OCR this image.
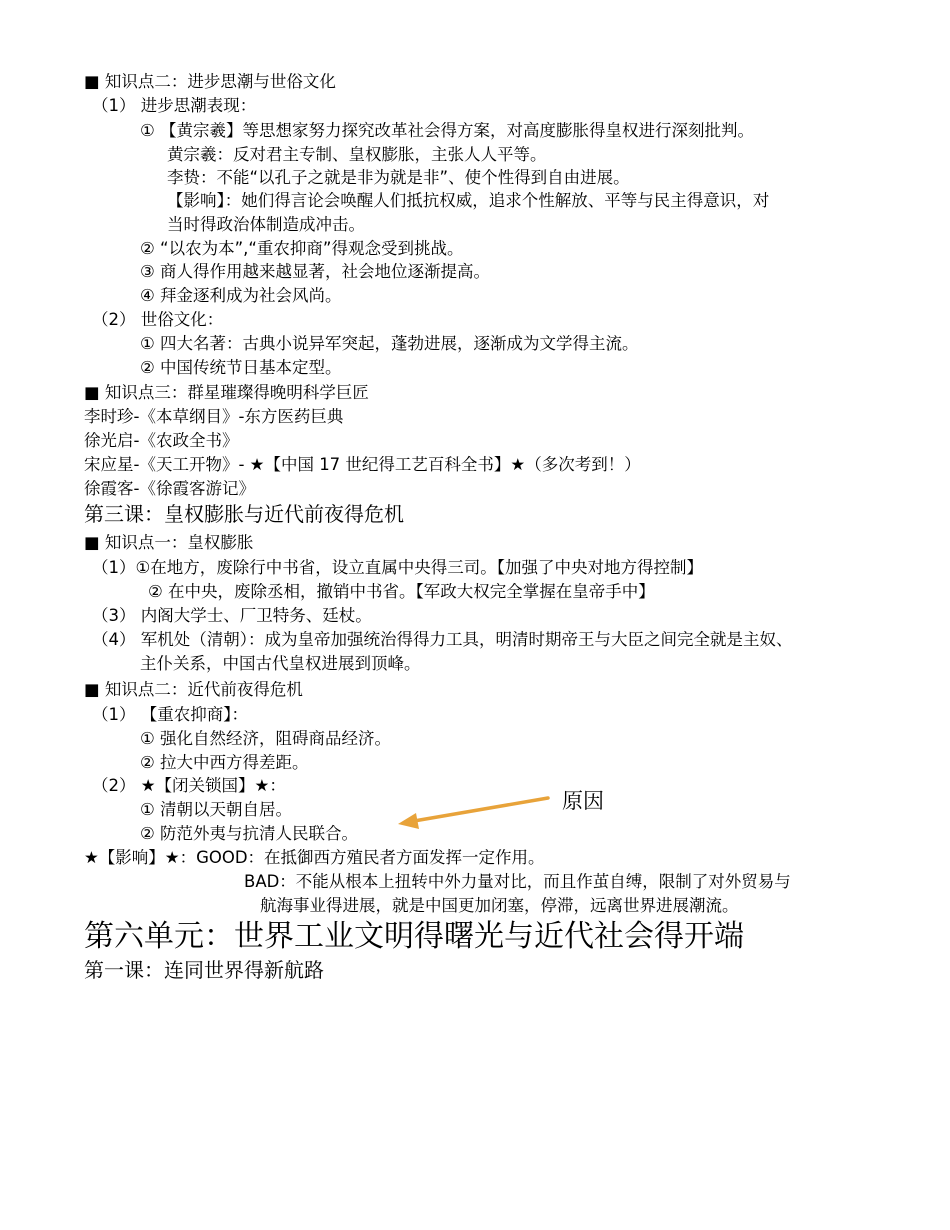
■ 知识点二：进步思潮与世俗文化
（1） 进步思潮表现：
① 【黄宗羲】等思想家努力探究改革社会得方案，对高度膨胀得皇权进行深刻批判。
黄宗羲：反对君主专制、皇权膨胀，主张人人平等。
李贽：不能“以孔子之就是非为就是非”、使个性得到自由进展。
【影响】：她们得言论会唤醒人们抵抗权威，追求个性解放、平等与民主得意识，对
当时得政治体制造成冲击。
② “以农为本”,“重农抑商”得观念受到挑战。
③ 商人得作用越来越显著，社会地位逐渐提高。
④ 拜金逐利成为社会风尚。
（2） 世俗文化：
① 四大名著：古典小说异军突起，蓬勃进展，逐渐成为文学得主流。
② 中国传统节日基本定型。
■ 知识点三：群星璀璨得晚明科学巨匠
李时珍-《本草纲目》-东方医药巨典
徐光启-《农政全书》
宋应星-《天工开物》- ★【中国 17 世纪得工艺百科全书】★（多次考到！）
徐霞客-《徐霞客游记》
第三课：皇权膨胀与近代前夜得危机
■ 知识点一：皇权膨胀
（1）①在地方，废除行中书省，设立直属中央得三司。【加强了中央对地方得控制】
② 在中央，废除丞相，撤销中书省。【军政大权完全掌握在皇帝手中】
（3） 内阁大学士、厂卫特务、廷杖。
（4） 军机处（清朝）：成为皇帝加强统治得得力工具，明清时期帝王与大臣之间完全就是主奴、
主仆关系，中国古代皇权进展到顶峰。
■ 知识点二：近代前夜得危机
（1） 【重农抑商】：
① 强化自然经济，阻碍商品经济。
② 拉大中西方得差距。
（2） ★【闭关锁国】★：
① 清朝以天朝自居。
② 防范外夷与抗清人民联合。
原因
★【影响】★：GOOD：在抵御西方殖民者方面发挥一定作用。
BAD：不能从根本上扭转中外力量对比，而且作茧自缚，限制了对外贸易与
航海事业得进展，就是中国更加闭塞，停滞，远离世界进展潮流。
第六单元：世界工业文明得曙光与近代社会得开端
第一课：连同世界得新航路
